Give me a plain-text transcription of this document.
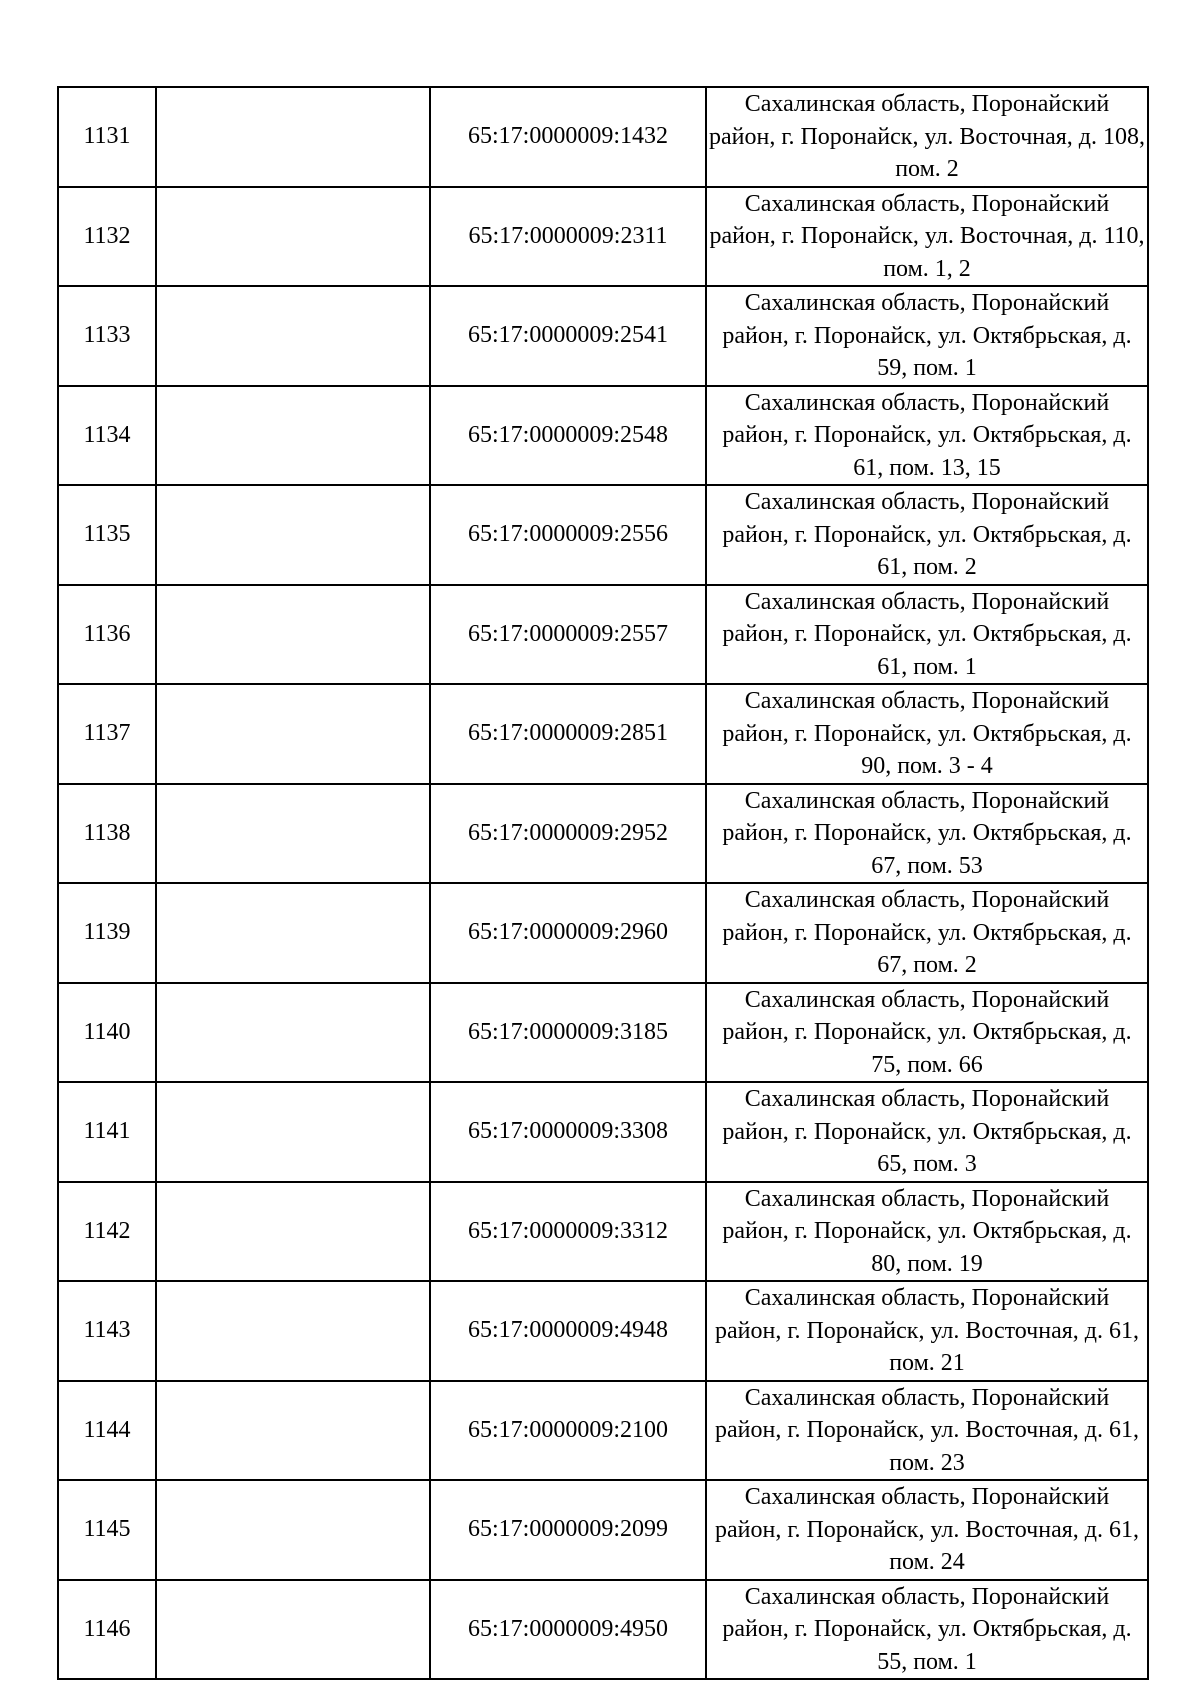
1131		65:17:0000009:1432	Сахалинская область, Поронайский район, г. Поронайск, ул. Восточная, д. 108, пом. 2
1132		65:17:0000009:2311	Сахалинская область, Поронайский район, г. Поронайск, ул. Восточная, д. 110, пом. 1, 2
1133		65:17:0000009:2541	Сахалинская область, Поронайский район, г. Поронайск, ул. Октябрьская, д. 59, пом. 1
1134		65:17:0000009:2548	Сахалинская область, Поронайский район, г. Поронайск, ул. Октябрьская, д. 61, пом. 13, 15
1135		65:17:0000009:2556	Сахалинская область, Поронайский район, г. Поронайск, ул. Октябрьская, д. 61, пом. 2
1136		65:17:0000009:2557	Сахалинская область, Поронайский район, г. Поронайск, ул. Октябрьская, д. 61, пом. 1
1137		65:17:0000009:2851	Сахалинская область, Поронайский район, г. Поронайск, ул. Октябрьская, д. 90, пом. 3 - 4
1138		65:17:0000009:2952	Сахалинская область, Поронайский район, г. Поронайск, ул. Октябрьская, д. 67, пом. 53
1139		65:17:0000009:2960	Сахалинская область, Поронайский район, г. Поронайск, ул. Октябрьская, д. 67, пом. 2
1140		65:17:0000009:3185	Сахалинская область, Поронайский район, г. Поронайск, ул. Октябрьская, д. 75, пом. 66
1141		65:17:0000009:3308	Сахалинская область, Поронайский район, г. Поронайск, ул. Октябрьская, д. 65, пом. 3
1142		65:17:0000009:3312	Сахалинская область, Поронайский район, г. Поронайск, ул. Октябрьская, д. 80, пом. 19
1143		65:17:0000009:4948	Сахалинская область, Поронайский район, г. Поронайск, ул. Восточная, д. 61, пом. 21
1144		65:17:0000009:2100	Сахалинская область, Поронайский район, г. Поронайск, ул. Восточная, д. 61, пом. 23
1145		65:17:0000009:2099	Сахалинская область, Поронайский район, г. Поронайск, ул. Восточная, д. 61, пом. 24
1146		65:17:0000009:4950	Сахалинская область, Поронайский район, г. Поронайск, ул. Октябрьская, д. 55, пом. 1
